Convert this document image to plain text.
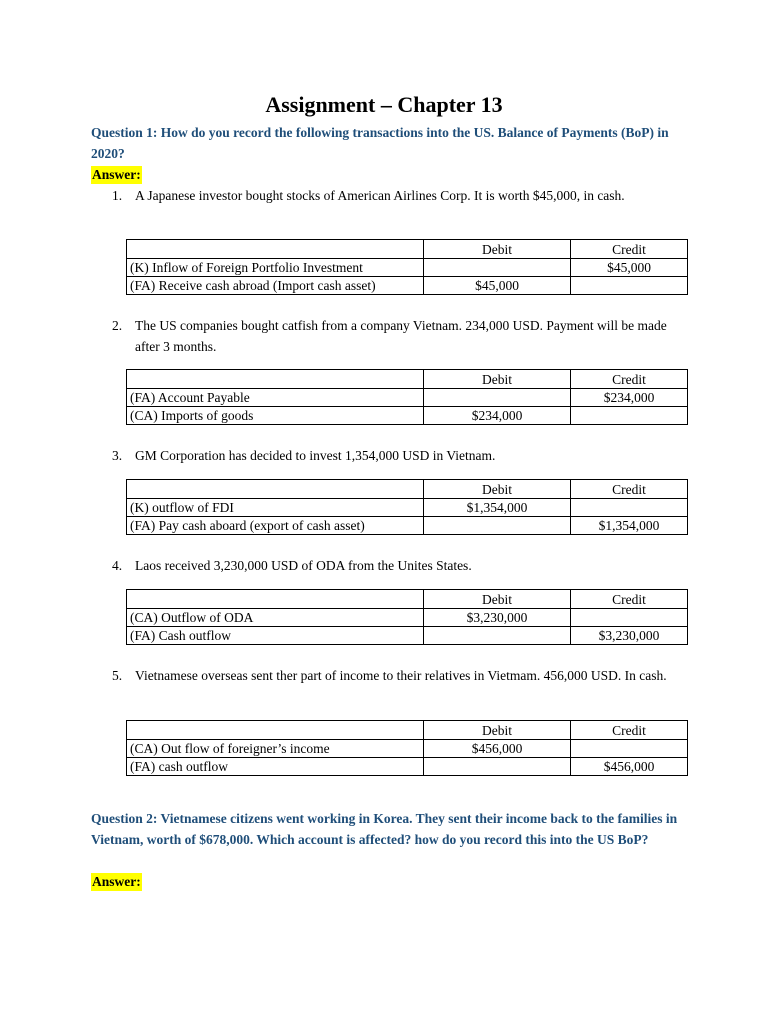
Assignment – Chapter 13
Question 1: How do you record the following transactions into the US. Balance of Payments (BoP) in 2020?
Answer:
1. A Japanese investor bought stocks of American Airlines Corp. It is worth $45,000, in cash.
	Debit	Credit
(K) Inflow of Foreign Portfolio Investment		$45,000
(FA) Receive cash abroad (Import cash asset)	$45,000	
2. The US companies bought catfish from a company Vietnam. 234,000 USD. Payment will be made after 3 months.
	Debit	Credit
(FA) Account Payable		$234,000
(CA) Imports of goods	$234,000	
3. GM Corporation has decided to invest 1,354,000 USD in Vietnam.
	Debit	Credit
(K) outflow of FDI	$1,354,000	
(FA) Pay cash aboard (export of cash asset)		$1,354,000
4. Laos received 3,230,000 USD of ODA from the Unites States.
	Debit	Credit
(CA) Outflow of ODA	$3,230,000	
(FA) Cash outflow		$3,230,000
5. Vietnamese overseas sent ther part of income to their relatives in Vietmam. 456,000 USD. In cash.
	Debit	Credit
(CA) Out flow of foreigner’s income	$456,000	
(FA) cash outflow		$456,000
Question 2: Vietnamese citizens went working in Korea. They sent their income back to the families in Vietnam, worth of $678,000. Which account is affected? how do you record this into the US BoP?
Answer:
